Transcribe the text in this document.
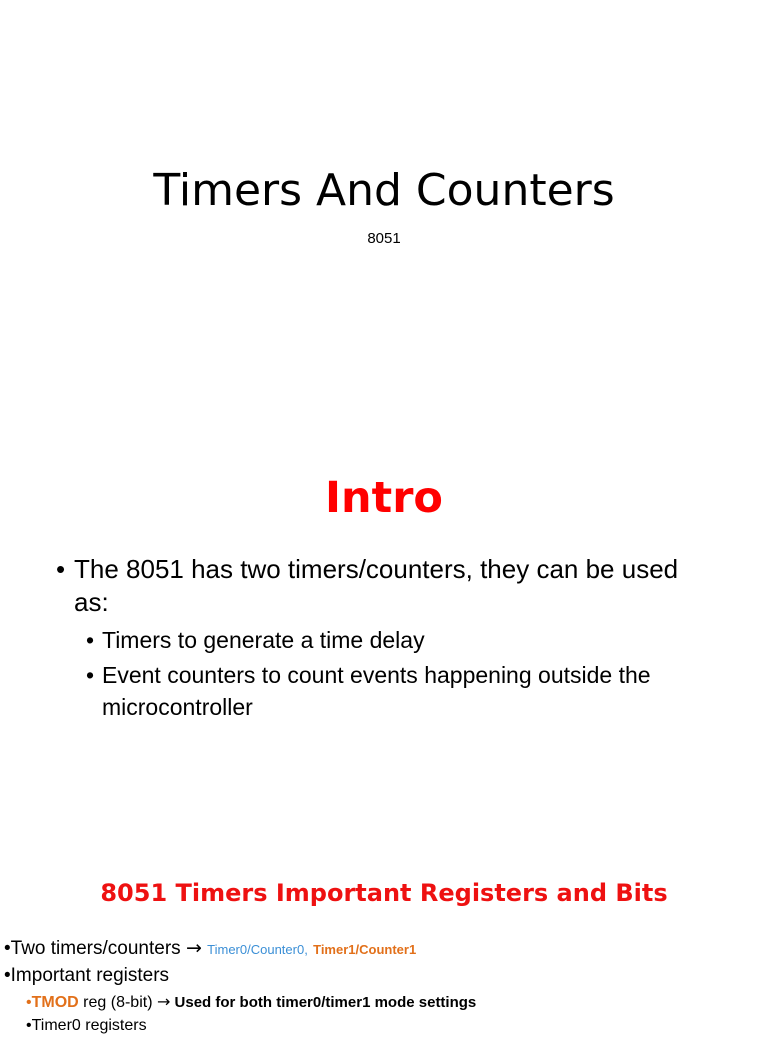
Timers And Counters
8051
Intro
• The 8051 has two timers/counters, they can be used as:
• Timers to generate a time delay
• Event counters to count events happening outside the microcontroller
8051 Timers Important Registers and Bits
•Two timers/counters → Timer0/Counter0, Timer1/Counter1
•Important registers
•TMOD reg (8-bit) → Used for both timer0/timer1 mode settings
•Timer0 registers
